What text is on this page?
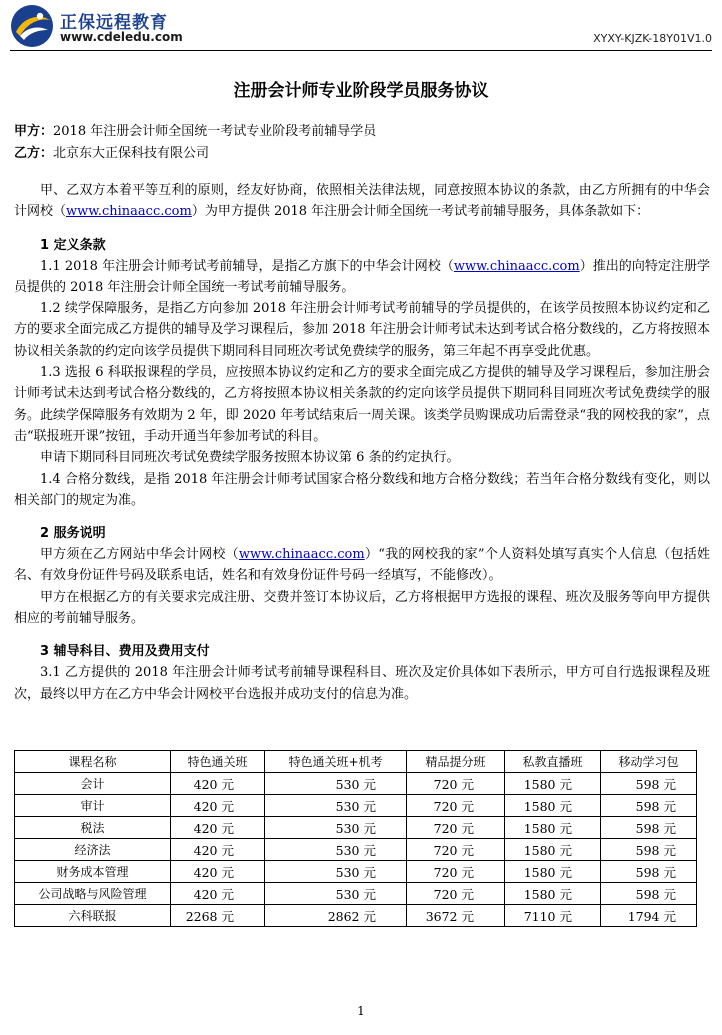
正保远程教育
www.cdeledu.com	XYXY-KJZK-18Y01V1.0
注册会计师专业阶段学员服务协议
甲方：2018 年注册会计师全国统一考试专业阶段考前辅导学员
乙方：北京东大正保科技有限公司

甲、乙双方本着平等互利的原则，经友好协商，依照相关法律法规，同意按照本协议的条款，由乙方所拥有的中华会计网校（www.chinaacc.com）为甲方提供 2018 年注册会计师全国统一考试考前辅导服务，具体条款如下：

1 定义条款

1.1 2018 年注册会计师考试考前辅导，是指乙方旗下的中华会计网校（www.chinaacc.com）推出的向特定注册学员提供的 2018 年注册会计师全国统一考试考前辅导服务。

1.2 续学保障服务，是指乙方向参加 2018 年注册会计师考试考前辅导的学员提供的，在该学员按照本协议约定和乙方的要求全面完成乙方提供的辅导及学习课程后，参加 2018 年注册会计师考试未达到考试合格分数线的，乙方将按照本协议相关条款的约定向该学员提供下期同科目同班次考试免费续学的服务，第三年起不再享受此优惠。

1.3 选报 6 科联报课程的学员，应按照本协议约定和乙方的要求全面完成乙方提供的辅导及学习课程后，参加注册会计师考试未达到考试合格分数线的，乙方将按照本协议相关条款的约定向该学员提供下期同科目同班次考试免费续学的服务。此续学保障服务有效期为 2 年，即 2020 年考试结束后一周关课。该类学员购课成功后需登录“我的网校我的家”，点击“联报班开课”按钮，手动开通当年参加考试的科目。

申请下期同科目同班次考试免费续学服务按照本协议第 6 条的约定执行。

1.4 合格分数线，是指 2018 年注册会计师考试国家合格分数线和地方合格分数线；若当年合格分数线有变化，则以相关部门的规定为准。

2 服务说明

甲方须在乙方网站中华会计网校（www.chinaacc.com）“我的网校我的家”个人资料处填写真实个人信息（包括姓名、有效身份证件号码及联系电话，姓名和有效身份证件号码一经填写，不能修改）。

甲方在根据乙方的有关要求完成注册、交费并签订本协议后，乙方将根据甲方选报的课程、班次及服务等向甲方提供相应的考前辅导服务。

3 辅导科目、费用及费用支付

3.1 乙方提供的 2018 年注册会计师考试考前辅导课程科目、班次及定价具体如下表所示，甲方可自行选报课程及班次，最终以甲方在乙方中华会计网校平台选报并成功支付的信息为准。

课程名称	特色通关班	特色通关班+机考	精品提分班	私教直播班	移动学习包
会计	420 元	530 元	720 元	1580 元	598 元
审计	420 元	530 元	720 元	1580 元	598 元
税法	420 元	530 元	720 元	1580 元	598 元
经济法	420 元	530 元	720 元	1580 元	598 元
财务成本管理	420 元	530 元	720 元	1580 元	598 元
公司战略与风险管理	420 元	530 元	720 元	1580 元	598 元
六科联报	2268 元	2862 元	3672 元	7110 元	1794 元
1
